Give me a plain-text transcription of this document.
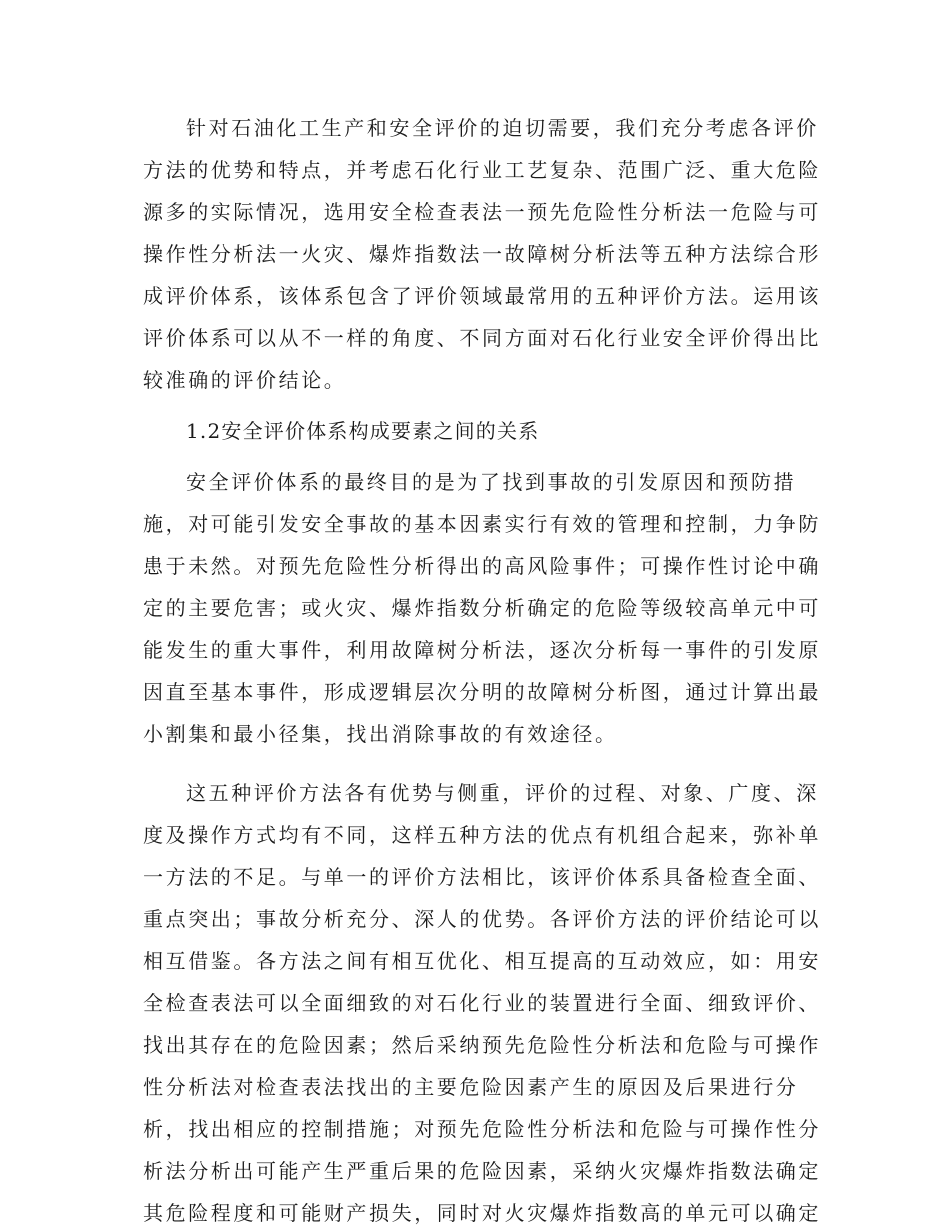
针对石油化工生产和安全评价的迫切需要，我们充分考虑各评价

方法的优势和特点，并考虑石化行业工艺复杂、范围广泛、重大危险

源多的实际情况，选用安全检查表法一预先危险性分析法一危险与可

操作性分析法一火灾、爆炸指数法一故障树分析法等五种方法综合形

成评价体系，该体系包含了评价领域最常用的五种评价方法。运用该

评价体系可以从不一样的角度、不同方面对石化行业安全评价得出比

较准确的评价结论。

1.2安全评价体系构成要素之间的关系

安全评价体系的最终目的是为了找到事故的引发原因和预防措

施，对可能引发安全事故的基本因素实行有效的管理和控制，力争防

患于未然。对预先危险性分析得出的高风险事件；可操作性讨论中确

定的主要危害；或火灾、爆炸指数分析确定的危险等级较高单元中可

能发生的重大事件，利用故障树分析法，逐次分析每一事件的引发原

因直至基本事件，形成逻辑层次分明的故障树分析图，通过计算出最

小割集和最小径集，找出消除事故的有效途径。

这五种评价方法各有优势与侧重，评价的过程、对象、广度、深

度及操作方式均有不同，这样五种方法的优点有机组合起来，弥补单

一方法的不足。与单一的评价方法相比，该评价体系具备检查全面、

重点突出；事故分析充分、深人的优势。各评价方法的评价结论可以

相互借鉴。各方法之间有相互优化、相互提高的互动效应，如：用安

全检查表法可以全面细致的对石化行业的装置进行全面、细致评价、

找出其存在的危险因素；然后采纳预先危险性分析法和危险与可操作

性分析法对检查表法找出的主要危险因素产生的原因及后果进行分

析，找出相应的控制措施；对预先危险性分析法和危险与可操作性分

析法分析出可能产生严重后果的危险因素，采纳火灾爆炸指数法确定

其危险程度和可能财产损失，同时对火灾爆炸指数高的单元可以确定
